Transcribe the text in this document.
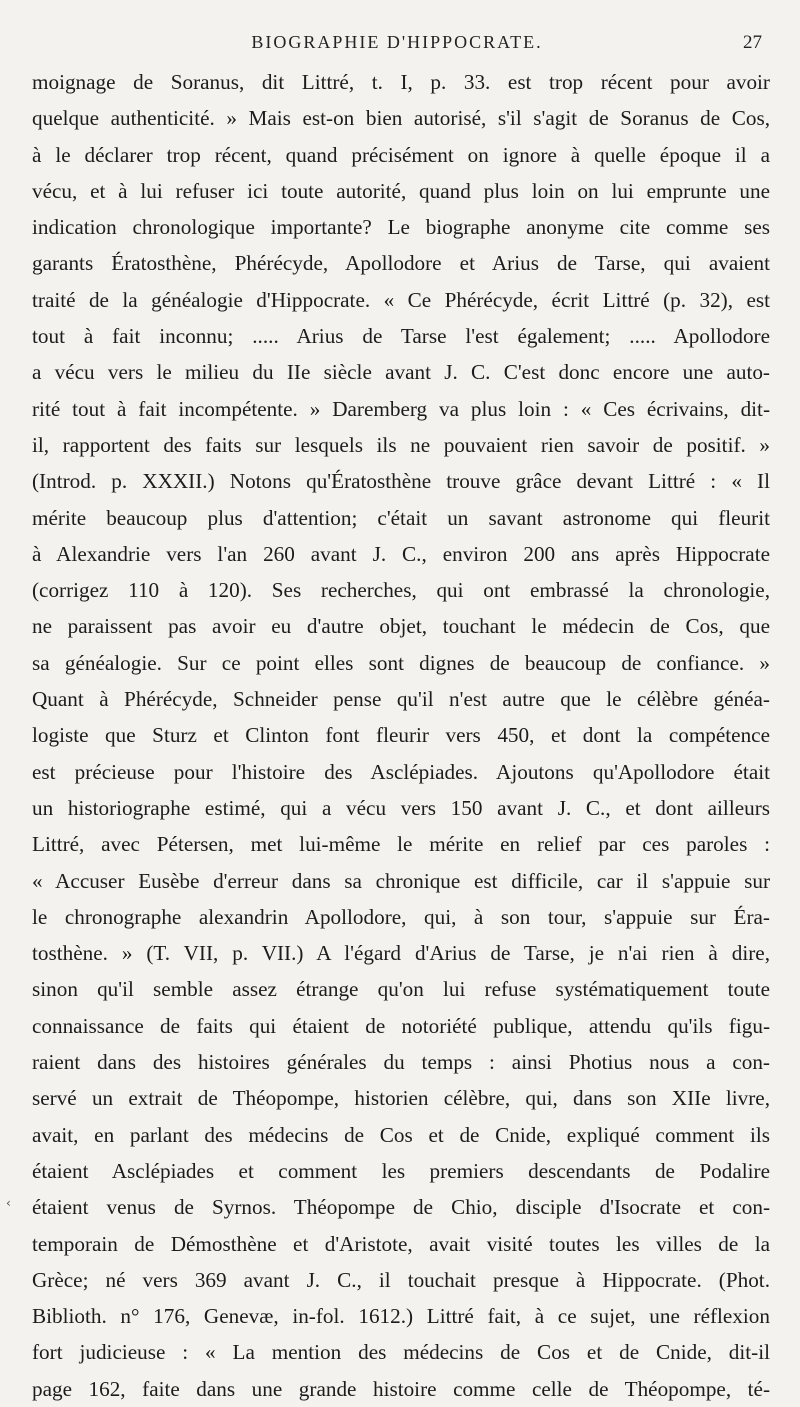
BIOGRAPHIE D'HIPPOCRATE.	27
moignage de Soranus, dit Littré, t. I, p. 33. est trop récent pour avoir
quelque authenticité. » Mais est-on bien autorisé, s'il s'agit de Soranus de Cos,
à le déclarer trop récent, quand précisément on ignore à quelle époque il a
vécu, et à lui refuser ici toute autorité, quand plus loin on lui emprunte une
indication chronologique importante? Le biographe anonyme cite comme ses
garants Ératosthène, Phérécyde, Apollodore et Arius de Tarse, qui avaient
traité de la généalogie d'Hippocrate. « Ce Phérécyde, écrit Littré (p. 32), est
tout à fait inconnu; ..... Arius de Tarse l'est également; ..... Apollodore
a vécu vers le milieu du IIe siècle avant J. C. C'est donc encore une auto-
rité tout à fait incompétente. » Daremberg va plus loin : « Ces écrivains, dit-
il, rapportent des faits sur lesquels ils ne pouvaient rien savoir de positif. »
(Introd. p. XXXII.) Notons qu'Ératosthène trouve grâce devant Littré : « Il
mérite beaucoup plus d'attention; c'était un savant astronome qui fleurit
à Alexandrie vers l'an 260 avant J. C., environ 200 ans après Hippocrate
(corrigez 110 à 120). Ses recherches, qui ont embrassé la chronologie,
ne paraissent pas avoir eu d'autre objet, touchant le médecin de Cos, que
sa généalogie. Sur ce point elles sont dignes de beaucoup de confiance. »
Quant à Phérécyde, Schneider pense qu'il n'est autre que le célèbre généa-
logiste que Sturz et Clinton font fleurir vers 450, et dont la compétence
est précieuse pour l'histoire des Asclépiades. Ajoutons qu'Apollodore était
un historiographe estimé, qui a vécu vers 150 avant J. C., et dont ailleurs
Littré, avec Pétersen, met lui-même le mérite en relief par ces paroles :
« Accuser Eusèbe d'erreur dans sa chronique est difficile, car il s'appuie sur
le chronographe alexandrin Apollodore, qui, à son tour, s'appuie sur Éra-
tosthène. » (T. VII, p. VII.) A l'égard d'Arius de Tarse, je n'ai rien à dire,
sinon qu'il semble assez étrange qu'on lui refuse systématiquement toute
connaissance de faits qui étaient de notoriété publique, attendu qu'ils figu-
raient dans des histoires générales du temps : ainsi Photius nous a con-
servé un extrait de Théopompe, historien célèbre, qui, dans son XIIe livre,
avait, en parlant des médecins de Cos et de Cnide, expliqué comment ils
étaient Asclépiades et comment les premiers descendants de Podalire
étaient venus de Syrnos. Théopompe de Chio, disciple d'Isocrate et con-
temporain de Démosthène et d'Aristote, avait visité toutes les villes de la
Grèce; né vers 369 avant J. C., il touchait presque à Hippocrate. (Phot.
Biblioth. n° 176, Genevæ, in-fol. 1612.) Littré fait, à ce sujet, une réflexion
fort judicieuse : « La mention des médecins de Cos et de Cnide, dit-il
page 162, faite dans une grande histoire comme celle de Théopompe, té-
‹
